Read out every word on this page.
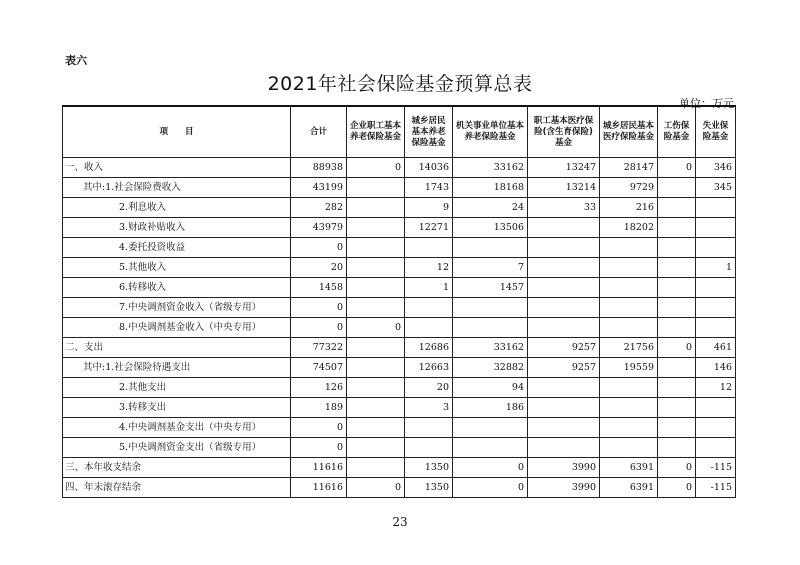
表六
2021年社会保险基金预算总表
单位：万元
项　　目	合计	企业职工基本养老保险基金	城乡居民基本养老保险基金	机关事业单位基本养老保险基金	职工基本医疗保险(含生育保险)基金	城乡居民基本医疗保险基金	工伤保险基金	失业保险基金
一、收入	88938	0	14036	33162	13247	28147	0	346
其中:1.社会保险费收入	43199		1743	18168	13214	9729		345
2.利息收入	282		9	24	33	216		
3.财政补贴收入	43979		12271	13506		18202		
4.委托投资收益	0							
5.其他收入	20		12	7				1
6.转移收入	1458		1	1457				
7.中央调剂资金收入（省级专用）	0							
8.中央调剂基金收入（中央专用）	0	0						
二、支出	77322		12686	33162	9257	21756	0	461
其中:1.社会保险待遇支出	74507		12663	32882	9257	19559		146
2.其他支出	126		20	94				12
3.转移支出	189		3	186				
4.中央调剂基金支出（中央专用）	0							
5.中央调剂资金支出（省级专用）	0							
三、本年收支结余	11616		1350	0	3990	6391	0	-115
四、年末滚存结余	11616	0	1350	0	3990	6391	0	-115
23
